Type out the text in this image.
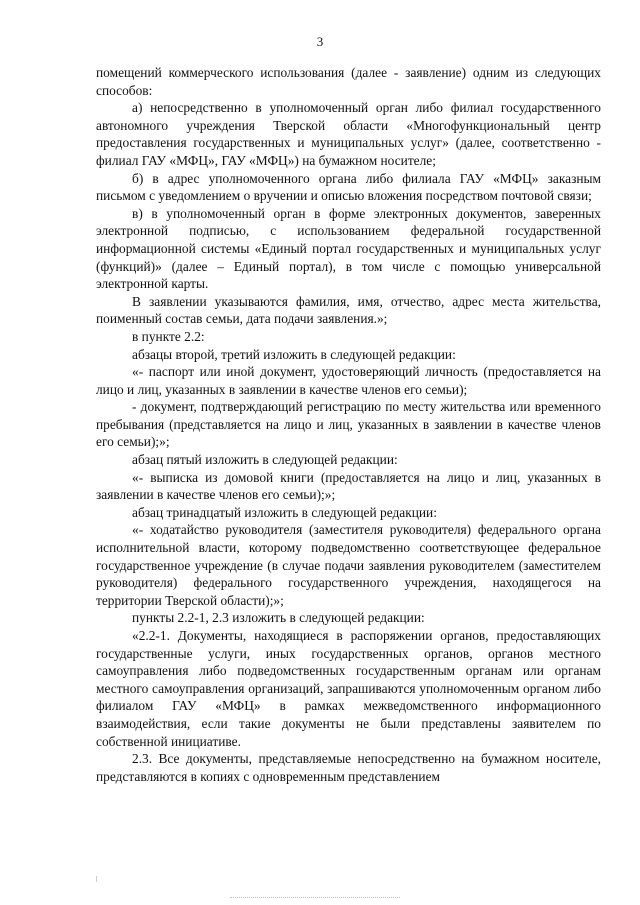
3

помещений коммерческого использования (далее - заявление) одним из следующих способов:

а) непосредственно в уполномоченный орган либо филиал государственного автономного учреждения Тверской области «Многофункциональный центр предоставления государственных и муниципальных услуг» (далее, соответственно - филиал ГАУ «МФЦ», ГАУ «МФЦ») на бумажном носителе;

б) в адрес уполномоченного органа либо филиала ГАУ «МФЦ» заказным письмом с уведомлением о вручении и описью вложения посредством почтовой связи;

в) в уполномоченный орган в форме электронных документов, заверенных электронной подписью, с использованием федеральной государственной информационной системы «Единый портал государственных и муниципальных услуг (функций)» (далее – Единый портал), в том числе с помощью универсальной электронной карты.

В заявлении указываются фамилия, имя, отчество, адрес места жительства, поименный состав семьи, дата подачи заявления.»;

в пункте 2.2:

абзацы второй, третий изложить в следующей редакции:

«- паспорт или иной документ, удостоверяющий личность (предоставляется на лицо и лиц, указанных в заявлении в качестве членов его семьи);

- документ, подтверждающий регистрацию по месту жительства или временного пребывания (представляется на лицо и лиц, указанных в заявлении в качестве членов его семьи);»;

абзац пятый изложить в следующей редакции:

«- выписка из домовой книги (предоставляется на лицо и лиц, указанных в заявлении в качестве членов его семьи);»;

абзац тринадцатый изложить в следующей редакции:

«- ходатайство руководителя (заместителя руководителя) федерального органа исполнительной власти, которому подведомственно соответствующее федеральное государственное учреждение (в случае подачи заявления руководителем (заместителем руководителя) федерального государственного учреждения, находящегося на территории Тверской области);»;

пункты 2.2-1, 2.3 изложить в следующей редакции:

«2.2-1. Документы, находящиеся в распоряжении органов, предоставляющих государственные услуги, иных государственных органов, органов местного самоуправления либо подведомственных государственным органам или органам местного самоуправления организаций, запрашиваются уполномоченным органом либо филиалом ГАУ «МФЦ» в рамках межведомственного информационного взаимодействия, если такие документы не были представлены заявителем по собственной инициативе.

2.3. Все документы, представляемые непосредственно на бумажном носителе, представляются в копиях с одновременным представлением
